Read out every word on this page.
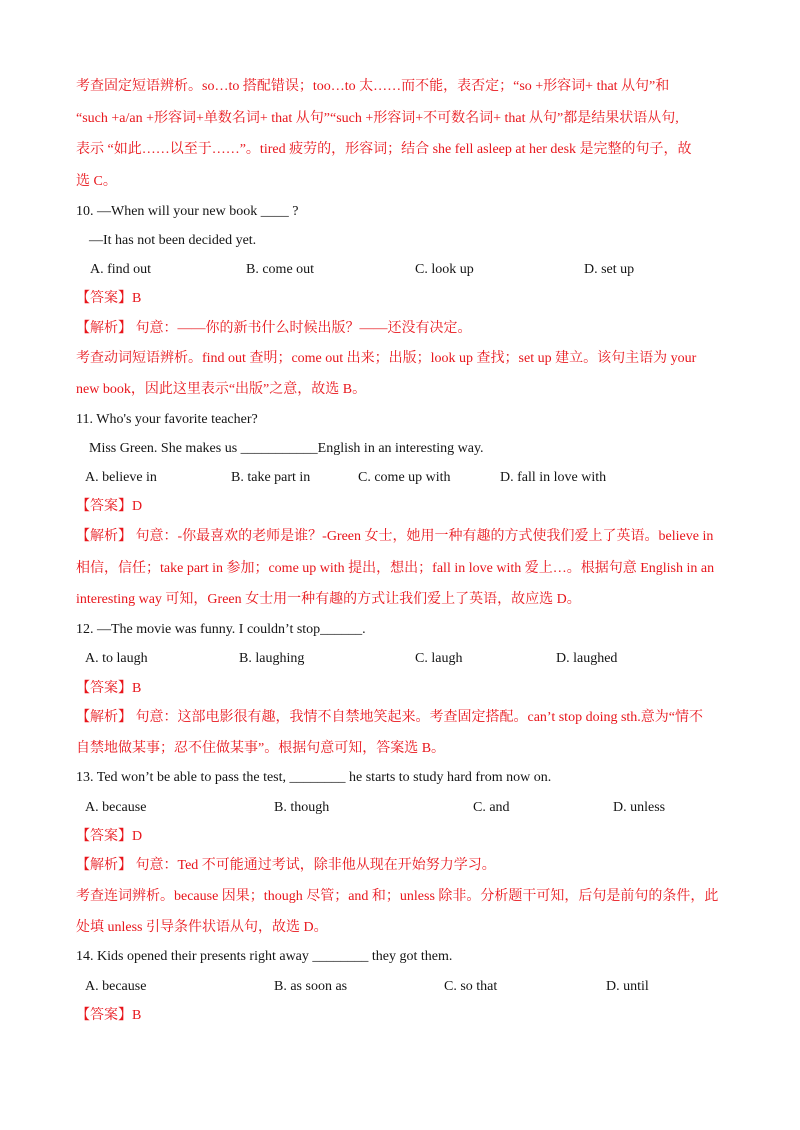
考查固定短语辨析。so…to 搭配错误；too…to 太……而不能，表否定；“so +形容词+ that 从句”和
“such +a/an +形容词+单数名词+ that 从句”“such +形容词+不可数名词+ that 从句”都是结果状语从句,
表示 “如此……以至于……”。tired 疲劳的，形容词；结合 she fell asleep at her desk 是完整的句子，故
选 C。
10. —When will your new book ____ ?
—It has not been decided yet.
A. find out	B. come out	C. look up	D. set up
【答案】B
【解析】 句意：——你的新书什么时候出版？——还没有决定。
考查动词短语辨析。find out 查明；come out 出来；出版；look up 查找；set up 建立。该句主语为 your
new book，因此这里表示“出版”之意，故选 B。
11. Who's your favorite teacher?
Miss Green. She makes us ___________English in an interesting way.
A. believe in	B. take part in	C. come up with	D. fall in love with
【答案】D
【解析】 句意：-你最喜欢的老师是谁？-Green 女士，她用一种有趣的方式使我们爱上了英语。believe in
相信，信任；take part in 参加；come up with 提出，想出；fall in love with 爱上…。根据句意 English in an
interesting way 可知，Green 女士用一种有趣的方式让我们爱上了英语，故应选 D。
12. —The movie was funny. I couldn’t stop______.
A. to laugh	B. laughing	C. laugh	D. laughed
【答案】B
【解析】 句意：这部电影很有趣，我情不自禁地笑起来。考查固定搭配。can’t stop doing sth.意为“情不
自禁地做某事；忍不住做某事”。根据句意可知，答案选 B。
13. Ted won’t be able to pass the test, ________ he starts to study hard from now on.
A. because	B. though	C. and	D. unless
【答案】D
【解析】 句意：Ted 不可能通过考试，除非他从现在开始努力学习。
考查连词辨析。because 因果；though 尽管；and 和；unless 除非。分析题干可知，后句是前句的条件，此
处填 unless 引导条件状语从句，故选 D。
14. Kids opened their presents right away ________ they got them.
A. because	B. as soon as	C. so that	D. until
【答案】B
